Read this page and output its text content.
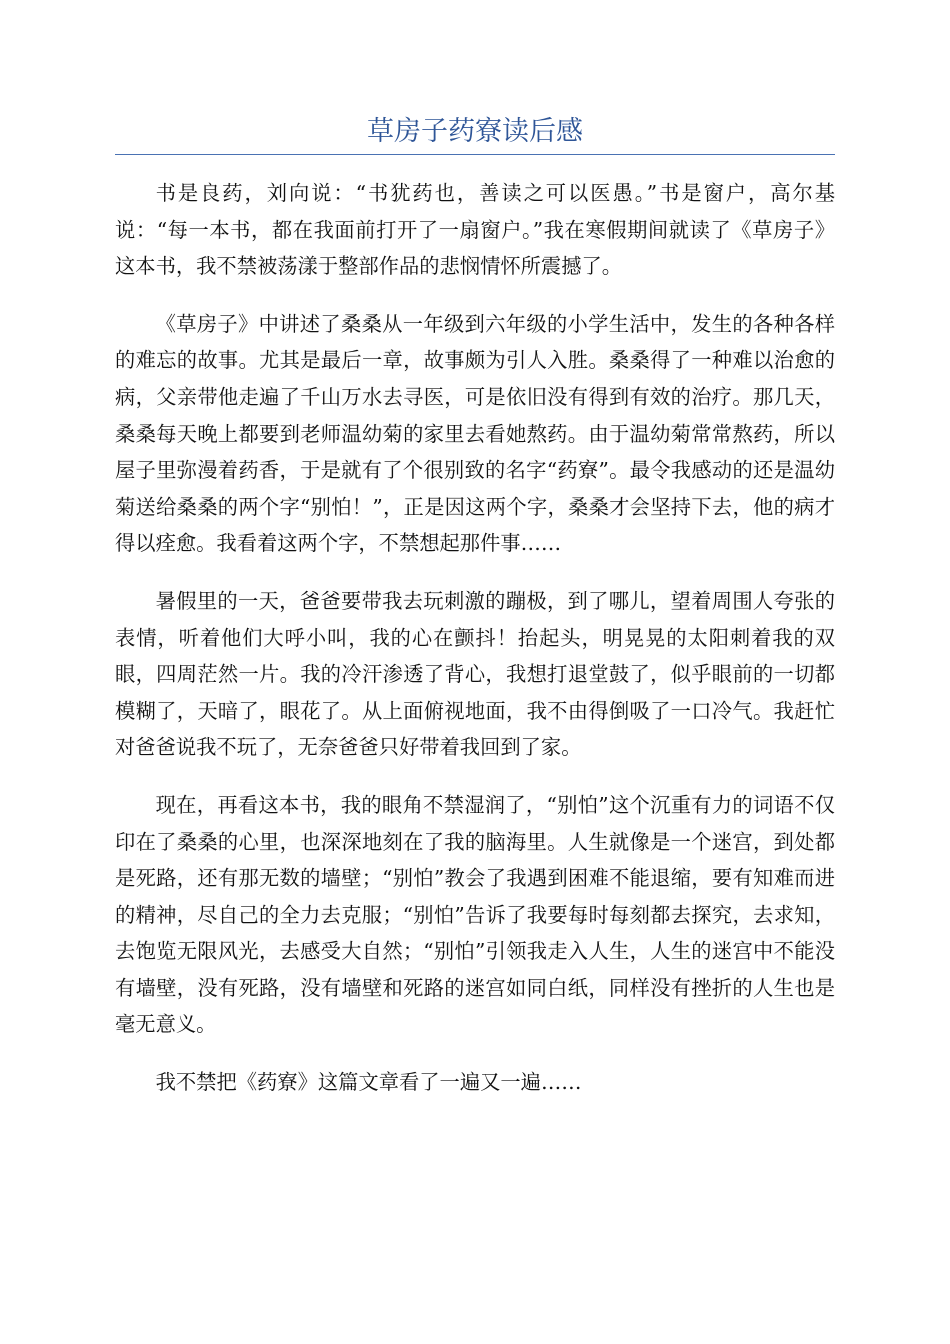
草房子药寮读后感

书是良药，刘向说：“书犹药也，善读之可以医愚。”书是窗户，高尔基说：“每一本书，都在我面前打开了一扇窗户。”我在寒假期间就读了《草房子》这本书，我不禁被荡漾于整部作品的悲悯情怀所震撼了。

《草房子》中讲述了桑桑从一年级到六年级的小学生活中，发生的各种各样的难忘的故事。尤其是最后一章，故事颇为引人入胜。桑桑得了一种难以治愈的病，父亲带他走遍了千山万水去寻医，可是依旧没有得到有效的治疗。那几天，桑桑每天晚上都要到老师温幼菊的家里去看她熬药。由于温幼菊常常熬药，所以屋子里弥漫着药香，于是就有了个很别致的名字“药寮”。最令我感动的还是温幼菊送给桑桑的两个字“别怕！”，正是因这两个字，桑桑才会坚持下去，他的病才得以痊愈。我看着这两个字，不禁想起那件事……

暑假里的一天，爸爸要带我去玩刺激的蹦极，到了哪儿，望着周围人夸张的表情，听着他们大呼小叫，我的心在颤抖！抬起头，明晃晃的太阳刺着我的双眼，四周茫然一片。我的冷汗渗透了背心，我想打退堂鼓了，似乎眼前的一切都模糊了，天暗了，眼花了。从上面俯视地面，我不由得倒吸了一口冷气。我赶忙对爸爸说我不玩了，无奈爸爸只好带着我回到了家。

现在，再看这本书，我的眼角不禁湿润了，“别怕”这个沉重有力的词语不仅印在了桑桑的心里，也深深地刻在了我的脑海里。人生就像是一个迷宫，到处都是死路，还有那无数的墙壁；“别怕”教会了我遇到困难不能退缩，要有知难而进的精神，尽自己的全力去克服；“别怕”告诉了我要每时每刻都去探究，去求知，去饱览无限风光，去感受大自然；“别怕”引领我走入人生，人生的迷宫中不能没有墙壁，没有死路，没有墙壁和死路的迷宫如同白纸，同样没有挫折的人生也是毫无意义。

我不禁把《药寮》这篇文章看了一遍又一遍……
